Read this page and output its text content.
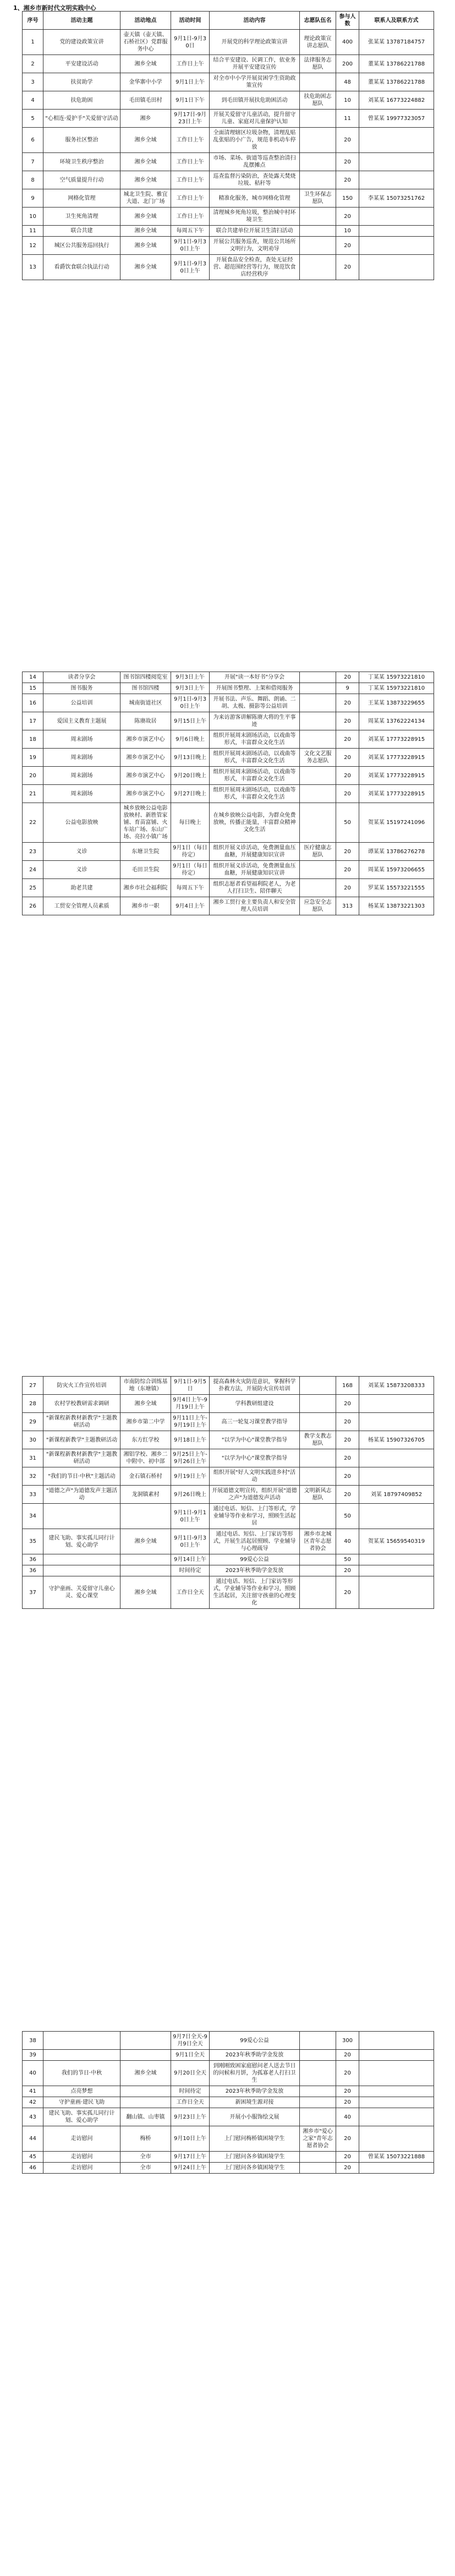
1、湘乡市新时代文明实践中心
序号	活动主题	活动地点	活动时间	活动内容	志愿队伍名	参与人数	联系人及联系方式
1	党的建设政策宣讲	壶天镇（壶天镇、石桥社区）党群服务中心	9月1日-9月30日	开展党的科学理论政策宣讲	理论政策宣讲志愿队	400	张某某 13787184757
2	平安建设活动	湘乡全域	工作日上午	结合平安建设、民调工作，依业务开展平安建设宣传	法律服务志愿队	200	董某某 13786221788
3	扶贫助学	金华寨中小学	9月1日上午	对全市中小学开展贫困学生资助政策宣传		48	董某某 13786221788
4	扶危助困	毛田镇毛田村	9月1日下午	到毛田镇开展扶危助困活动	扶危助困志愿队	10	刘某某 16773224882
5	"心相连·爱护手"关爱留守活动	湘乡	9月17日-9月23日上午	开展关爱留守儿童活动，提升留守儿童、家庭对儿童保护认知		11	曾某某 19977323057
6	服务社区整治	湘乡全域	工作日上午	全面清理辖区垃圾杂物，清理乱贴乱张贴的小广告，规范非机动车停放		20	
7	环境卫生秩序整治	湘乡全域	工作日上午	市场、菜场、街道等巡查整治清扫乱摆摊点		20	
8	空气质量提升行动	湘乡全域	工作日上午	巡查监督污染防治，查处露天焚烧垃圾、秸秆等		20	
9	网格化管理	城北卫生院、雅宜大道、北门广场	工作日上午	精准化服务，城市网格化管理	卫生环保志愿队	150	李某某 15073251762
10	卫生死角清理	湘乡全域	工作日上午	清理城乡死角垃圾，整治城中村环境卫生		20	
11	联合共建	湘乡全域	每周五下午	联合共建单位开展卫生清扫活动		10	
12	城区公共服务巡回执行	湘乡全域	9月1日-9月30日上午	开展公共服务巡查，规范公共场所文明行为，文明劝导		20	
13	看爵饮食联合执法行动	湘乡全域	9月1日-9月30日上午	开展食品安全检查，查处无证经营、超范围经营等行为，规范饮食店经营秩序		20	
14	读者分享会	图书馆四楼阅览室	9月3日上午	开展"读一本好书"分享会		20	丁某某 15973221810
15	图书服务	图书馆四楼	9月3日上午	开展图书整理、上架和借阅服务		9	丁某某 15973221810
16	公益培训	城南街道社区	9月1日-9月30日上午	开展书法、声乐、舞蹈、朗诵、二胡、太极、摄影等公益培训		20	王某某 13873229655
17	爱国主义教育主题展	陈赓故居	9月15日上午	为来访游客讲解陈赓大将的生平事迹		20	周某某 13762224134
18	周末剧场	湘乡市演艺中心	9月6日晚上	组织开展周末剧场活动，以戏曲等形式，丰富群众文化生活		20	刘某某 17773228915
19	周末剧场	湘乡市演艺中心	9月13日晚上	组织开展周末剧场活动，以戏曲等形式，丰富群众文化生活	文化文艺服务志愿队	20	刘某某 17773228915
20	周末剧场	湘乡市演艺中心	9月20日晚上	组织开展周末剧场活动，以戏曲等形式，丰富群众文化生活		20	刘某某 17773228915
21	周末剧场	湘乡市演艺中心	9月27日晚上	组织开展周末剧场活动，以戏曲等形式，丰富群众文化生活		20	刘某某 17773228915
22	公益电影放映	城乡放映公益电影放映村、新胜管家铺、育苗富铺、火车站广场、东山广场、亮拉小镇广场	每日晚上	在城乡放映公益电影，为群众免费放映，传播正能量，丰富群众精神文化生活		50	贺某某 15197241096
23	义诊	东塘卫生院	9月1日（每日待定）	组织开展义诊活动，免费测量血压血糖，开展健康知识宣讲	医疗健康志愿队	20	谭某某 13786276278
24	义诊	毛田卫生院	9月1日（每日待定）	组织开展义诊活动，免费测量血压血糖，开展健康知识宣讲		20	周某某 15973206655
25	助老共建	湘乡市社会福利院	每周五下午	组织志愿者看望福利院老人，为老人打扫卫生、陪伴聊天		20	罗某某 15573221555
26	工贸安全管理人员素质	湘乡市一职	9月4日上午	湘乡工贸行业主要负责人和安全管理人员培训	应急安全志愿队	313	杨某某 13873221303
27	防灾火工作宣传培训	市南防综合训练基地（东塘镇）	9月1日-9月5日	提高森林火灾防范意识，掌握科学扑救方法，开展防火宣传培训		168	刘某某 15873208333
28	农村学校教研需求调研	湘乡全域	9月4日上午-9月19日上午	学科教研组建设		20	
29	"新课程新教材新教学"主题教研活动	湘乡市第二中学	9月11日上午-9月19日上午	高三一轮复习课堂教学指导		20	
30	"新课程新教学"主题教研活动	东方红学校	9月18日上午	"以学为中心"课堂教学指导	教学支教志愿队	20	杨某某 15907326705
31	"新课程新教材新教学"主题教研活动	湘铝学校、湘乡二中附中、初中部	9月25日上午-9月26日上午	"以学为中心"课堂教学指导		20	
32	"我们的节日·中秋"主题活动	金石镇石桥村	9月19日上午	组织开展"好人文明实践进乡村"活动		20	
33	"道德之声"为道德发声主题活动	龙洞镇素村	9月26日晚上	开展道德文明宣传，组织开展"道德之声"为道德发声活动	文明新风志愿队	20	刘某 18797409852
34			9月1日-9月10日上午	通过电话、短信、上门等形式，学业辅导等作业和学习，照顾生活起居		50	
35	建民飞助、事实孤儿同行计划、爱心助学	湘乡全域	9月1日-9月30日上午	通过电话、短信、上门家访等形式，开展生活起居照顾、学业辅导与心理疏导	湘乡市北城区青年志愿者协会	40	贺某某 15659540319
36			9月14日上午	99爱心公益		50	
36			时间待定	2023年秋季助学金发放		20	
37	守护童画、关爱留守儿童心灵、爱心课堂	湘乡全域	工作日全天	通过电话、短信、上门家访等形式，学业辅导等作业和学习，照顾生活起居，关注留守孩童的心理变化		20	
38			9月7日全天-9月9日全天	99爱心公益		300	
39			9月1日全天	2023年秋季助学金发放		20	
40	我们的节日·中秋	湘乡全域	9月20日全天	到刚刚致困家庭慰问老人送去节日的问候和月饼，为孤寡老人打扫卫生		20	
41	点亮梦想		时间待定	2023年秋季助学金发放		20	
42	守护童画·建民飞助		工作日全天	新困境生源对接		20	
43	建民飞助、事实孤儿同行计划、爱心助学	翻山镇、山枣镇	9月23日上午	开展小小服饰绘文展		40	
44	走访慰问	梅桥	9月10日上午	上门慰问梅桥镇困境学生	湘乡市"爱心之家"青年志愿者协会	20	
45	走访慰问	全市	9月17日上午	上门慰问各乡镇困境学生		20	曾某某 15073221888
46	走访慰问	全市	9月24日上午	上门慰问各乡镇困境学生		20	
